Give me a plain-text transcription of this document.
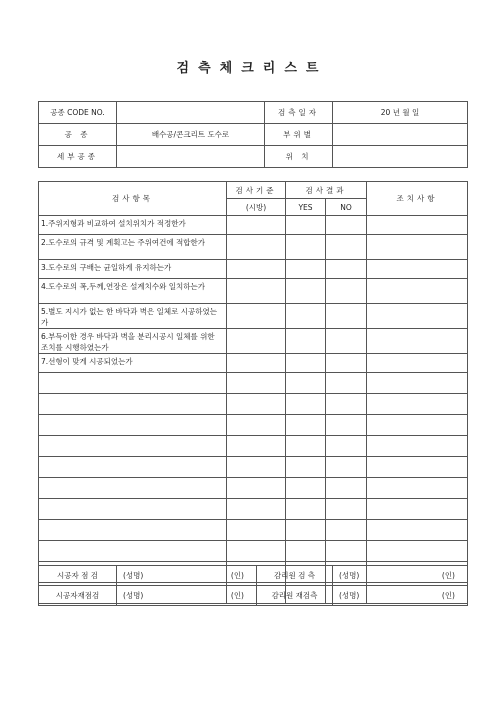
검측체크리스트
공종 CODE NO.		검측일자	20 년 월 일
공 종	배수공/콘크리트 도수로	부위별	
세부공종		위 치	
검사항목	검사기준	검사결과		조치사항
	(시방)	YES	NO	
1.주위지형과 비교하여 설치위치가 적정한가				
2.도수로의 규격 및 계획고는 주위여건에 적합한가				
3.도수로의 구배는 균일하게 유지하는가				
4.도수로의 폭,두께,연장은 설계치수와 일치하는가				
5.별도 지시가 없는 한 바닥과 벽은 일체로 시공하였는가				
6.부득이한 경우 바닥과 벽을 분리시공시 일체를 위한 조치를 시행하였는가				
7.선형이 맞게 시공되었는가				

시공자 점 검	(성명) (인)	감리원 검 측	(성명) (인)

시공자재점검	(성명) (인)	감리원 재검측	(성명) (인)
